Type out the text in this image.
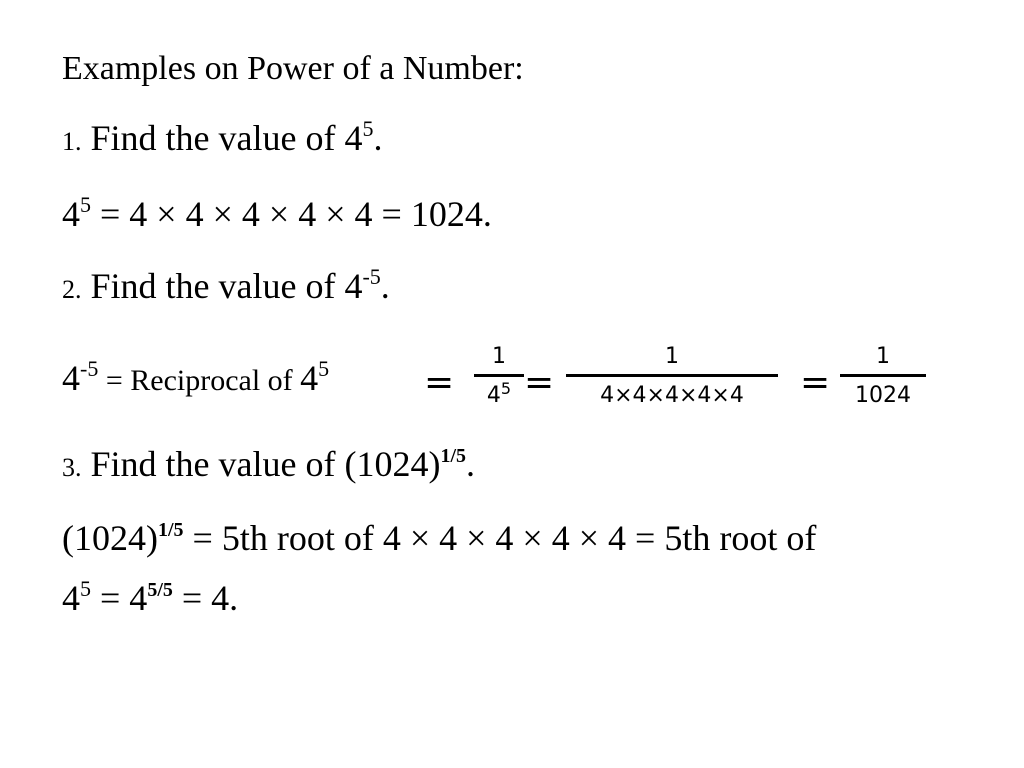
Examples on Power of a Number:
1. Find the value of $4^5$.
$4^5 = 4 \times 4 \times 4 \times 4 \times 4 = 1024$.
2. Find the value of $4^{-5}$.
$4^{-5}$ = Reciprocal of $4^5$	=
1
$4^5$ =
1
4×4×4×4×4	=
1
1024
3. Find the value of $(1024)^{1/5}$.
$(1024)^{1/5} = 5th$ root of 4 × 4 × 4 × 4 × 4 = 5th root of
$4^5 = 4^{5/5} = 4$.
